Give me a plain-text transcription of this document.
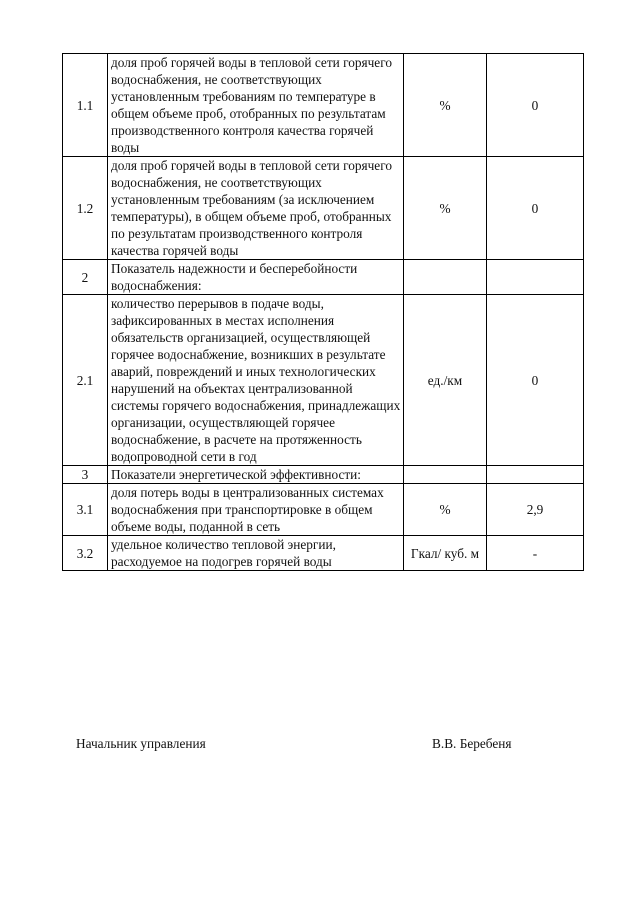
1.1	доля проб горячей воды в тепловой сети горячего водоснабжения, не соответствующих установленным требованиям по температуре в общем объеме проб, отобранных по результатам производственного контроля качества горячей воды	%	0
1.2	доля проб горячей воды в тепловой сети горячего водоснабжения, не соответствующих установленным требованиям (за исключением температуры), в общем объеме проб, отобранных по результатам производственного контроля качества горячей воды	%	0
2	Показатель надежности и бесперебойности водоснабжения:		
2.1	количество перерывов в подаче воды, зафиксированных в местах исполнения обязательств организацией, осуществляющей горячее водоснабжение, возникших в результате аварий, повреждений и иных технологических нарушений на объектах централизованной системы горячего водоснабжения, принадлежащих организации, осуществляющей горячее водоснабжение, в расчете на протяженность водопроводной сети в год	ед./км	0
3	Показатели энергетической эффективности:		
3.1	доля потерь воды в централизованных системах водоснабжения при транспортировке в общем объеме воды, поданной в сеть	%	2,9
3.2	удельное количество тепловой энергии, расходуемое на подогрев горячей воды	Гкал/ куб. м	-
Начальник управления	В.В. Беребеня
